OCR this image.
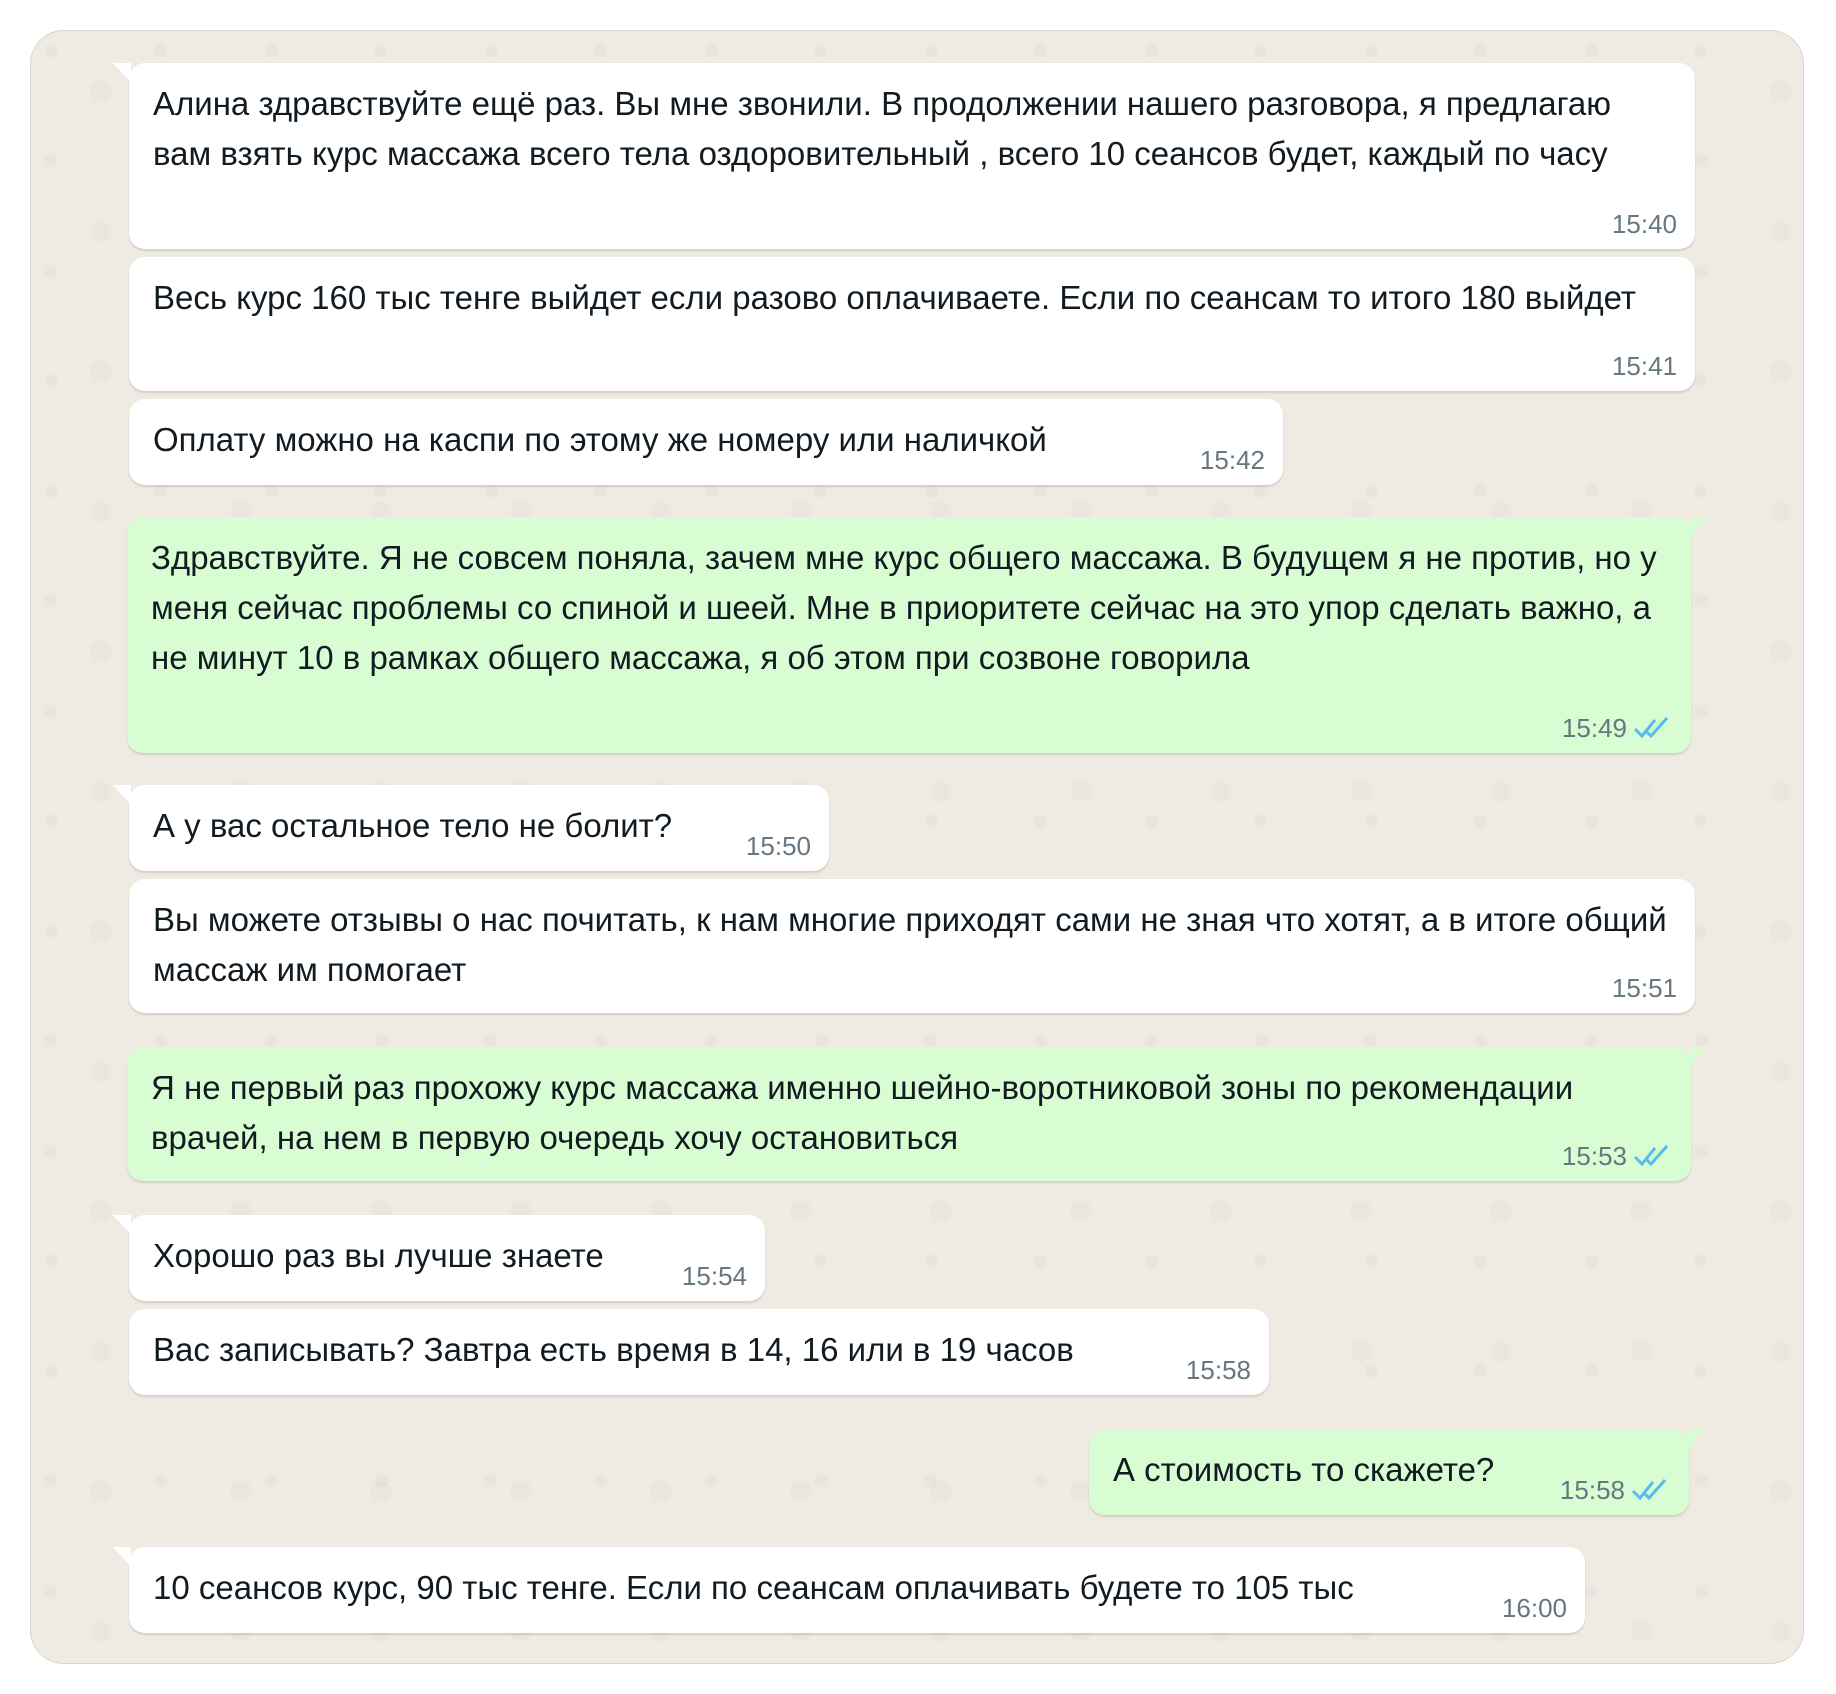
Алина здравствуйте ещё раз. Вы мне звонили. В продолжении нашего разговора, я предлагаю вам взять курс массажа всего тела оздоровительный , всего 10 сеансов будет, каждый по часу
15:40
Весь курс 160 тыс тенге выйдет если разово оплачиваете. Если по сеансам то итого 180 выйдет
15:41
Оплату можно на каспи по этому же номеру или наличкой
15:42
Здравствуйте. Я не совсем поняла, зачем мне курс общего массажа. В будущем я не против, но у меня сейчас проблемы со спиной и шеей. Мне в приоритете сейчас на это упор сделать важно, а не минут 10 в рамках общего массажа, я об этом при созвоне говорила
15:49
А у вас остальное тело не болит?
15:50
Вы можете отзывы о нас почитать, к нам многие приходят сами не зная что хотят, а в итоге общий массаж им помогает	15:51
Я не первый раз прохожу курс массажа именно шейно-воротниковой зоны по рекомендации врачей, на нем в первую очередь хочу остановиться	15:53
Хорошо раз вы лучше знаете
15:54
Вас записывать? Завтра есть время в 14, 16 или в 19 часов
15:58
А стоимость то скажете?
15:58
10 сеансов курс, 90 тыс тенге. Если по сеансам оплачивать будете то 105 тыс
16:00
